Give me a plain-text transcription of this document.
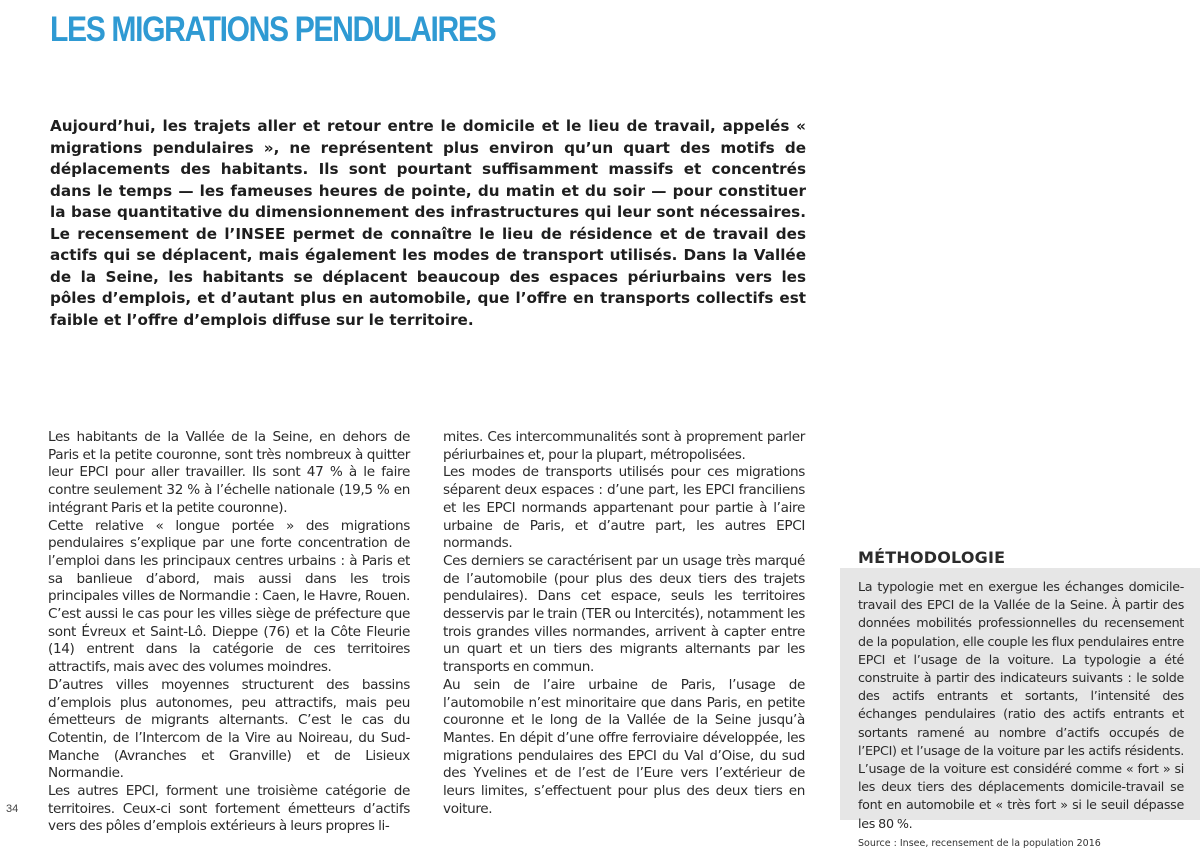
LES MIGRATIONS PENDULAIRES

Aujourd’hui, les trajets aller et retour entre le domicile et le lieu de travail, appelés « migrations pendulaires », ne représentent plus environ qu’un quart des motifs de déplacements des habitants. Ils sont pourtant suffisamment massifs et concentrés dans le temps — les fameuses heures de pointe, du matin et du soir — pour constituer la base quantitative du dimensionnement des infrastructures qui leur sont nécessaires. Le recensement de l’INSEE permet de connaître le lieu de résidence et de travail des actifs qui se déplacent, mais également les modes de transport utilisés. Dans la Vallée de la Seine, les habitants se déplacent beaucoup des espaces périurbains vers les pôles d’emplois, et d’autant plus en automobile, que l’offre en transports collectifs est faible et l’offre d’emplois diffuse sur le territoire.

Les habitants de la Vallée de la Seine, en dehors de Paris et la petite couronne, sont très nombreux à quitter leur EPCI pour aller travailler. Ils sont 47 % à le faire contre seulement 32 % à l’échelle nationale (19,5 % en intégrant Paris et la petite couronne).

Cette relative « longue portée » des migrations pendulaires s’explique par une forte concentration de l’emploi dans les principaux centres urbains : à Paris et sa banlieue d’abord, mais aussi dans les trois principales villes de Normandie : Caen, le Havre, Rouen. C’est aussi le cas pour les villes siège de préfecture que sont Évreux et Saint-Lô. Dieppe (76) et la Côte Fleurie (14) entrent dans la catégorie de ces territoires attractifs, mais avec des volumes moindres.

D’autres villes moyennes structurent des bassins d’emplois plus autonomes, peu attractifs, mais peu émetteurs de migrants alternants. C’est le cas du Cotentin, de l’Intercom de la Vire au Noireau, du Sud-Manche (Avranches et Granville) et de Lisieux Normandie.

Les autres EPCI, forment une troisième catégorie de territoires. Ceux-ci sont fortement émetteurs d’actifs vers des pôles d’emplois extérieurs à leurs propres li-

mites. Ces intercommunalités sont à proprement parler périurbaines et, pour la plupart, métropolisées.

Les modes de transports utilisés pour ces migrations séparent deux espaces : d’une part, les EPCI franciliens et les EPCI normands appartenant pour partie à l’aire urbaine de Paris, et d’autre part, les autres EPCI normands.

Ces derniers se caractérisent par un usage très marqué de l’automobile (pour plus des deux tiers des trajets pendulaires). Dans cet espace, seuls les territoires desservis par le train (TER ou Intercités), notamment les trois grandes villes normandes, arrivent à capter entre un quart et un tiers des migrants alternants par les transports en commun.

Au sein de l’aire urbaine de Paris, l’usage de l’automobile n’est minoritaire que dans Paris, en petite couronne et le long de la Vallée de la Seine jusqu’à Mantes. En dépit d’une offre ferroviaire développée, les migrations pendulaires des EPCI du Val d’Oise, du sud des Yvelines et de l’est de l’Eure vers l’extérieur de leurs limites, s’effectuent pour plus des deux tiers en voiture.

34
MÉTHODOLOGIE

La typologie met en exergue les échanges domicile-travail des EPCI de la Vallée de la Seine. À partir des données mobilités professionnelles du recensement de la population, elle couple les flux pendulaires entre EPCI et l’usage de la voiture. La typologie a été construite à partir des indicateurs suivants : le solde des actifs entrants et sortants, l’intensité des échanges pendulaires (ratio des actifs entrants et sortants ramené au nombre d’actifs occupés de l’EPCI) et l’usage de la voiture par les actifs résidents. L’usage de la voiture est considéré comme « fort » si les deux tiers des déplacements domicile-travail se font en automobile et « très fort » si le seuil dépasse les 80 %.

Source : Insee, recensement de la population 2016
